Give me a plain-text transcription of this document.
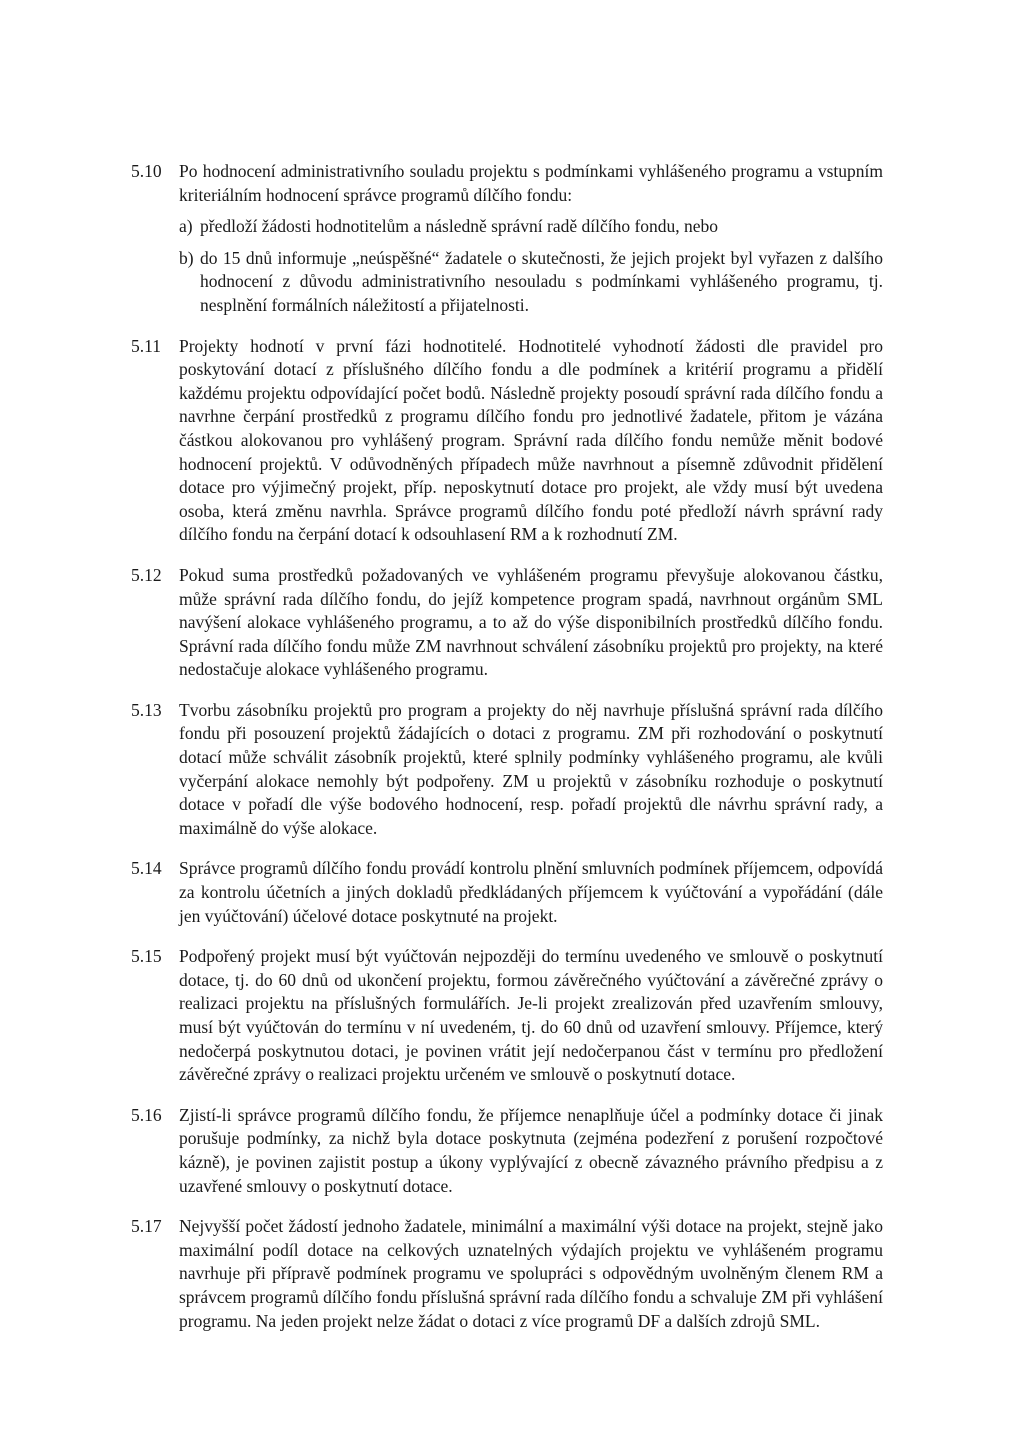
5.10 Po hodnocení administrativního souladu projektu s podmínkami vyhlášeného programu a vstupním kriteriálním hodnocení správce programů dílčího fondu:

a) předloží žádosti hodnotitelům a následně správní radě dílčího fondu, nebo
b) do 15 dnů informuje „neúspěšné“ žadatele o skutečnosti, že jejich projekt byl vyřazen z dalšího hodnocení z důvodu administrativního nesouladu s podmínkami vyhlášeného programu, tj. nesplnění formálních náležitostí a přijatelnosti.
5.11	Projekty hodnotí v první fázi hodnotitelé. Hodnotitelé vyhodnotí žádosti dle pravidel pro poskytování dotací z příslušného dílčího fondu a dle podmínek a kritérií programu a přidělí každému projektu odpovídající počet bodů. Následně projekty posoudí správní rada dílčího fondu a navrhne čerpání prostředků z programu dílčího fondu pro jednotlivé žadatele, přitom je vázána částkou alokovanou pro vyhlášený program. Správní rada dílčího fondu nemůže měnit bodové hodnocení projektů. V odůvodněných případech může navrhnout a písemně zdůvodnit přidělení dotace pro výjimečný projekt, příp. neposkytnutí dotace pro projekt, ale vždy musí být uvedena osoba, která změnu navrhla. Správce programů dílčího fondu poté předloží návrh správní rady dílčího fondu na čerpání dotací k odsouhlasení RM a k rozhodnutí ZM.

5.12 Pokud suma prostředků požadovaných ve vyhlášeném programu převyšuje alokovanou částku, může správní rada dílčího fondu, do jejíž kompetence program spadá, navrhnout orgánům SML navýšení alokace vyhlášeného programu, a to až do výše disponibilních prostředků dílčího fondu. Správní rada dílčího fondu může ZM navrhnout schválení zásobníku projektů pro projekty, na které nedostačuje alokace vyhlášeného programu.

5.13 Tvorbu zásobníku projektů pro program a projekty do něj navrhuje příslušná správní rada dílčího fondu při posouzení projektů žádajících o dotaci z programu. ZM při rozhodování o poskytnutí dotací může schválit zásobník projektů, které splnily podmínky vyhlášeného programu, ale kvůli vyčerpání alokace nemohly být podpořeny. ZM u projektů v zásobníku rozhoduje o poskytnutí dotace v pořadí dle výše bodového hodnocení, resp. pořadí projektů dle návrhu správní rady, a maximálně do výše alokace.

5.14 Správce programů dílčího fondu provádí kontrolu plnění smluvních podmínek příjemcem, odpovídá za kontrolu účetních a jiných dokladů předkládaných příjemcem k vyúčtování a vypořádání (dále jen vyúčtování) účelové dotace poskytnuté na projekt.

5.15 Podpořený projekt musí být vyúčtován nejpozději do termínu uvedeného ve smlouvě o poskytnutí dotace, tj. do 60 dnů od ukončení projektu, formou závěrečného vyúčtování a závěrečné zprávy o realizaci projektu na příslušných formulářích. Je-li projekt zrealizován před uzavřením smlouvy, musí být vyúčtován do termínu v ní uvedeném, tj. do 60 dnů od uzavření smlouvy. Příjemce, který nedočerpá poskytnutou dotaci, je povinen vrátit její nedočerpanou část v termínu pro předložení závěrečné zprávy o realizaci projektu určeném ve smlouvě o poskytnutí dotace.

5.16 Zjistí-li správce programů dílčího fondu, že příjemce nenaplňuje účel a podmínky dotace či jinak porušuje podmínky, za nichž byla dotace poskytnuta (zejména podezření z porušení rozpočtové kázně), je povinen zajistit postup a úkony vyplývající z obecně závazného právního předpisu a z uzavřené smlouvy o poskytnutí dotace.

5.17 Nejvyšší počet žádostí jednoho žadatele, minimální a maximální výši dotace na projekt, stejně jako maximální podíl dotace na celkových uznatelných výdajích projektu ve vyhlášeném programu navrhuje při přípravě podmínek programu ve spolupráci s odpovědným uvolněným členem RM a správcem programů dílčího fondu příslušná správní rada dílčího fondu a schvaluje ZM při vyhlášení programu. Na jeden projekt nelze žádat o dotaci z více programů DF a dalších zdrojů SML.
